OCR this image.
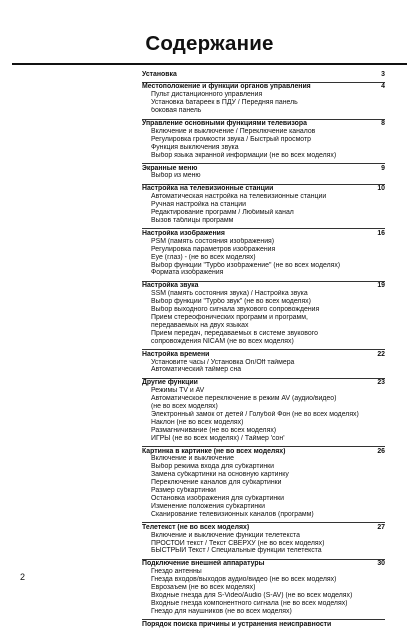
Содержание
Установка	3
Местоположение и функции органов управления	4
Пульт дистанционного управления
Установка батареек в ПДУ / Передняя панель
боковая панель
Управление основными функциями телевизора	8
Включение и выключение / Переключение каналов
Регулировка громкости звука / Быстрый просмотр
Функция выключения звука
Выбор языка экранной информации (не во всех моделях)
Экранные меню	9
Выбор из меню
Настройка на телевизионные станции	10
Автоматическая настройка на телевизионные станции
Ручная настройка на станции
Редактирование программ / Любимый канал
Вызов таблицы программ
Настройка изображения	16
PSM (память состояния изображения)
Регулировка параметров изображения
Eye (глаз) - (не во всех моделях)
Выбор функции "Турбо изображение" (не во всех моделях)
Формата изображения
Настройка звука	19
SSM (память состояния звука) / Настройка звука
Выбор функции "Турбо звук" (не во всех моделях)
Выбор выходного сигнала звукового сопровождения
Прием стереофонических программ и программ,
передаваемых на двух языках
Прием передач, передаваемых в системе звукового
сопровождения NICAM (не во всех моделях)
Настройка времени	22
Установите часы / Установка On/Off таймера
Автоматический таймер сна
Другие функции	23
Режимы TV и AV
Автоматическое переключение в режим AV (аудио/видео)
(не во всех моделях)
Электронный замок от детей / Голубой Фон (не во всех моделях)
Наклон (не во всех моделях)
Размагничивание (не во всех моделях)
ИГРЫ (не во всех моделях) / Таймер 'сон'
Картинка в картинке (не во всех моделях)	26
Включение и выключение
Выбор режима входа для субкартинки
Замена субкартинки на основную картинку
Переключение каналов для субкартинки
Размер субкартинки
Остановка изображения для субкартинки
Изменение положения субкартинки
Сканирование телевизионных каналов (программ)
Телетекст (не во всех моделях)	27
Включение и выключение функции телетекста
ПРОСТОЙ текст / Текст СВЕРХУ (не во всех моделях)
БЫСТРЫЙ Текст / Специальные функции телетекста
Подключение внешней аппаратуры	30
Гнездо антенны
Гнезда входов/выходов аудио/видео (не во всех моделях)
Еврозаъем (не во всех моделях)
Входные гнезда для S-Video/Audio (S-AV) (не во всех моделях)
Входные гнезда компонентного сигнала (не во всех моделях)
Гнездо для наушников (не во всех моделях)
Порядок поиска причины и устранения неисправности
2
